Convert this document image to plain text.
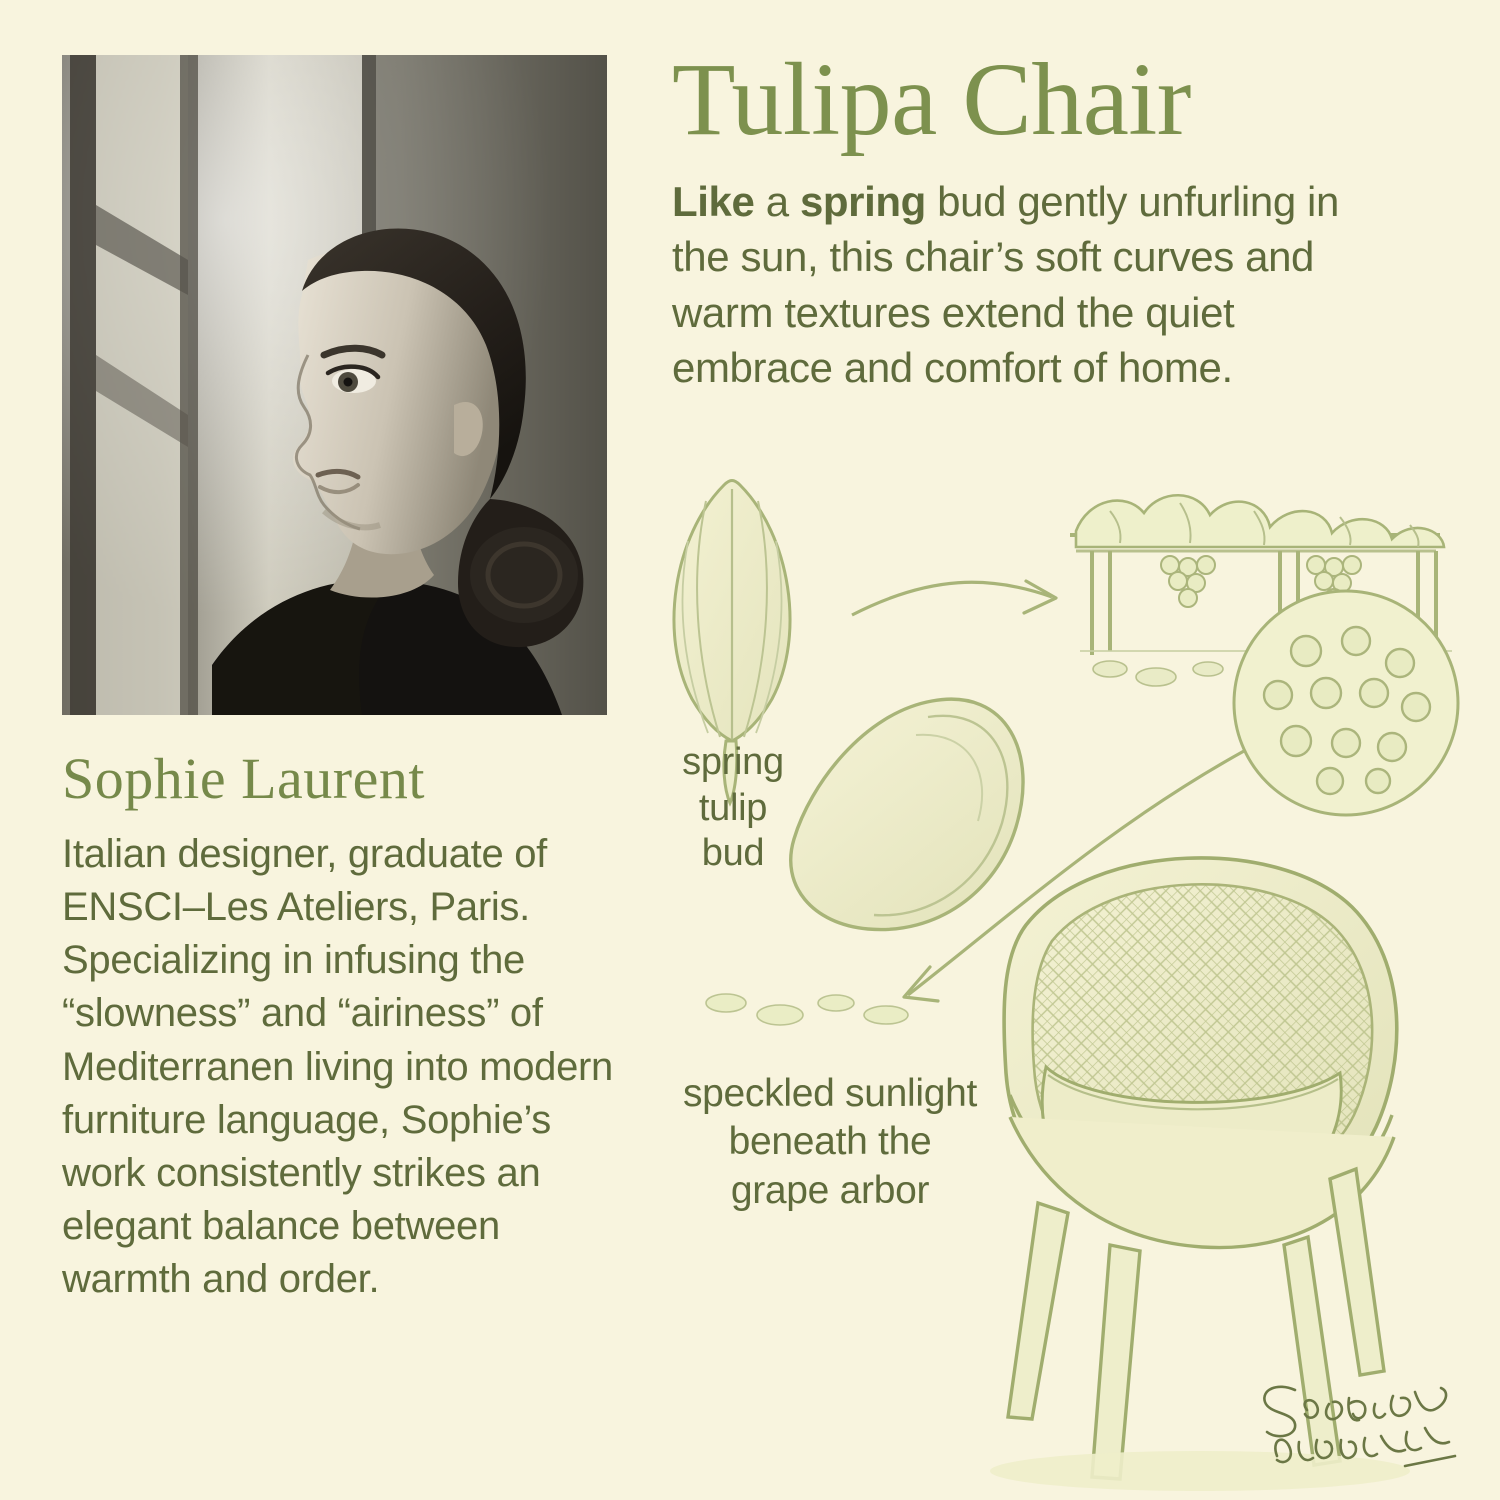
Sophie Laurent
Italian designer, graduate of ENSCI–Les Ateliers, Paris. Specializing in infusing the “slowness” and “airiness” of Mediterranen living into modern furniture language, Sophie’s work consistently strikes an elegant balance between warmth and order.
Tulipa Chair
Like a spring bud gently unfurling in the sun, this chair’s soft curves and warm textures extend the quiet embrace and comfort of home.
spring
tulip
bud
speckled sunlight
beneath the
grape arbor
